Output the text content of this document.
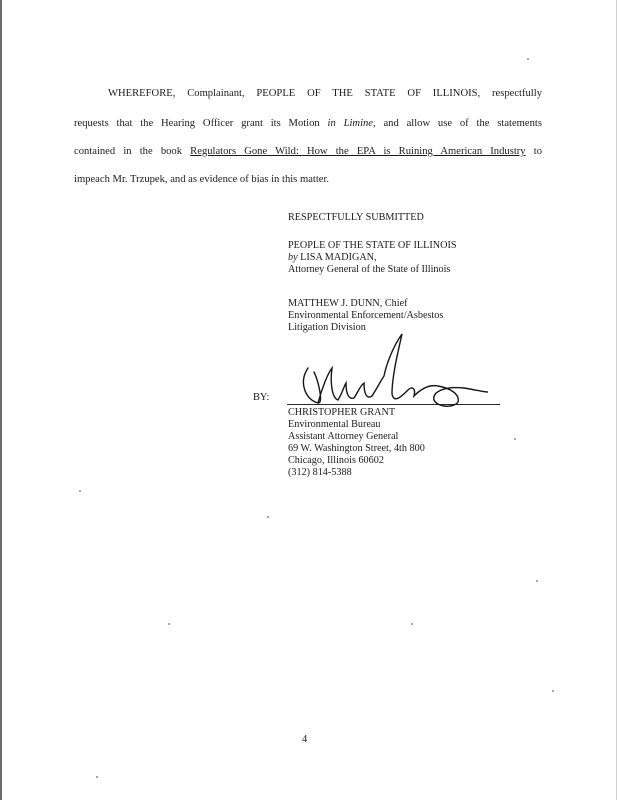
WHEREFORE, Complainant, PEOPLE OF THE STATE OF ILLINOIS, respectfully
requests that the Hearing Officer grant its Motion in Limine, and allow use of the statements
contained in the book Regulators Gone Wild: How the EPA is Ruining American Industry to
impeach Mr. Trzupek, and as evidence of bias in this matter.
RESPECTFULLY SUBMITTED
PEOPLE OF THE STATE OF ILLINOIS
by LISA MADIGAN,
Attorney General of the State of Illinois
MATTHEW J. DUNN, Chief
Environmental Enforcement/Asbestos
Litigation Division
BY:
CHRISTOPHER GRANT
Environmental Bureau
Assistant Attorney General
69 W. Washington Street, 4th 800
Chicago, Illinois 60602
(312) 814-5388
4
